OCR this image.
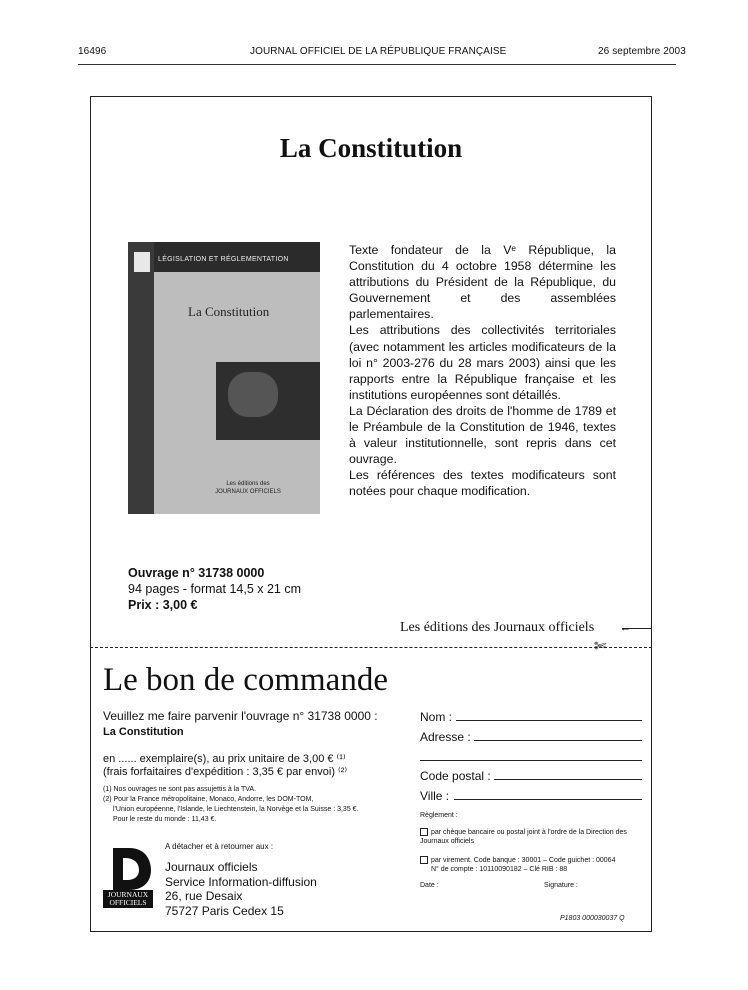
16496	JOURNAL OFFICIEL DE LA RÉPUBLIQUE FRANÇAISE	26 septembre 2003
La Constitution
LÉGISLATION ET RÉGLEMENTATION
La Constitution
Les éditions des
JOURNAUX OFFICIELS

Texte fondateur de la Vᵉ République, la Constitution du 4 octobre 1958 détermine les attributions du Président de la République, du Gouvernement et des assemblées parlementaires.

Les attributions des collectivités territoriales (avec notamment les articles modificateurs de la loi n° 2003-276 du 28 mars 2003) ainsi que les rapports entre la République française et les institutions européennes sont détaillés.

La Déclaration des droits de l'homme de 1789 et le Préambule de la Constitution de 1946, textes à valeur institutionnelle, sont repris dans cet ouvrage.

Les références des textes modificateurs sont notées pour chaque modification.

Ouvrage n° 31738 0000
94 pages - format 14,5 x 21 cm
Prix : 3,00 €
Les éditions des Journaux officiels ←
✄
Le bon de commande
Veuillez me faire parvenir l'ouvrage n° 31738 0000 :
La Constitution
en ...... exemplaire(s), au prix unitaire de 3,00 € ⁽¹⁾
(frais forfaitaires d'expédition : 3,35 € par envoi) ⁽²⁾
(1) Nos ouvrages ne sont pas assujettis à la TVA.
(2) Pour la France métropolitaine, Monaco, Andorre, les DOM-TOM,
l'Union européenne, l'Islande, le Liechtenstein, la Norvège et la Suisse : 3,35 €.
Pour le reste du monde : 11,43 €.
JOURNAUX
OFFICIELS
A détacher et à retourner aux :
Journaux officiels
Service Information-diffusion
26, rue Desaix
75727 Paris Cedex 15
Nom :
Adresse :
Code postal :
Ville :
Règlement :
par chèque bancaire ou postal joint à l'ordre de la Direction des Journaux officiels
par virement. Code banque : 30001 – Code guichet : 00064
N° de compte : 10110090182 – Clé RIB : 88
Date :	Signature :
P1803 000030037 Q
